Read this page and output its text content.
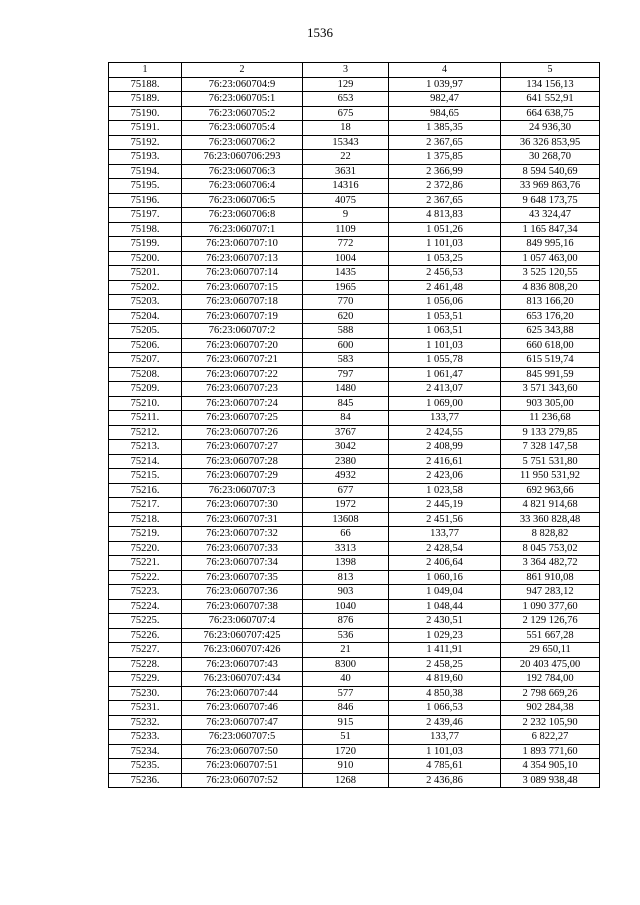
1536
1	2	3	4	5
75188.	76:23:060704:9	129	1 039,97	134 156,13
75189.	76:23:060705:1	653	982,47	641 552,91
75190.	76:23:060705:2	675	984,65	664 638,75
75191.	76:23:060705:4	18	1 385,35	24 936,30
75192.	76:23:060706:2	15343	2 367,65	36 326 853,95
75193.	76:23:060706:293	22	1 375,85	30 268,70
75194.	76:23:060706:3	3631	2 366,99	8 594 540,69
75195.	76:23:060706:4	14316	2 372,86	33 969 863,76
75196.	76:23:060706:5	4075	2 367,65	9 648 173,75
75197.	76:23:060706:8	9	4 813,83	43 324,47
75198.	76:23:060707:1	1109	1 051,26	1 165 847,34
75199.	76:23:060707:10	772	1 101,03	849 995,16
75200.	76:23:060707:13	1004	1 053,25	1 057 463,00
75201.	76:23:060707:14	1435	2 456,53	3 525 120,55
75202.	76:23:060707:15	1965	2 461,48	4 836 808,20
75203.	76:23:060707:18	770	1 056,06	813 166,20
75204.	76:23:060707:19	620	1 053,51	653 176,20
75205.	76:23:060707:2	588	1 063,51	625 343,88
75206.	76:23:060707:20	600	1 101,03	660 618,00
75207.	76:23:060707:21	583	1 055,78	615 519,74
75208.	76:23:060707:22	797	1 061,47	845 991,59
75209.	76:23:060707:23	1480	2 413,07	3 571 343,60
75210.	76:23:060707:24	845	1 069,00	903 305,00
75211.	76:23:060707:25	84	133,77	11 236,68
75212.	76:23:060707:26	3767	2 424,55	9 133 279,85
75213.	76:23:060707:27	3042	2 408,99	7 328 147,58
75214.	76:23:060707:28	2380	2 416,61	5 751 531,80
75215.	76:23:060707:29	4932	2 423,06	11 950 531,92
75216.	76:23:060707:3	677	1 023,58	692 963,66
75217.	76:23:060707:30	1972	2 445,19	4 821 914,68
75218.	76:23:060707:31	13608	2 451,56	33 360 828,48
75219.	76:23:060707:32	66	133,77	8 828,82
75220.	76:23:060707:33	3313	2 428,54	8 045 753,02
75221.	76:23:060707:34	1398	2 406,64	3 364 482,72
75222.	76:23:060707:35	813	1 060,16	861 910,08
75223.	76:23:060707:36	903	1 049,04	947 283,12
75224.	76:23:060707:38	1040	1 048,44	1 090 377,60
75225.	76:23:060707:4	876	2 430,51	2 129 126,76
75226.	76:23:060707:425	536	1 029,23	551 667,28
75227.	76:23:060707:426	21	1 411,91	29 650,11
75228.	76:23:060707:43	8300	2 458,25	20 403 475,00
75229.	76:23:060707:434	40	4 819,60	192 784,00
75230.	76:23:060707:44	577	4 850,38	2 798 669,26
75231.	76:23:060707:46	846	1 066,53	902 284,38
75232.	76:23:060707:47	915	2 439,46	2 232 105,90
75233.	76:23:060707:5	51	133,77	6 822,27
75234.	76:23:060707:50	1720	1 101,03	1 893 771,60
75235.	76:23:060707:51	910	4 785,61	4 354 905,10
75236.	76:23:060707:52	1268	2 436,86	3 089 938,48
